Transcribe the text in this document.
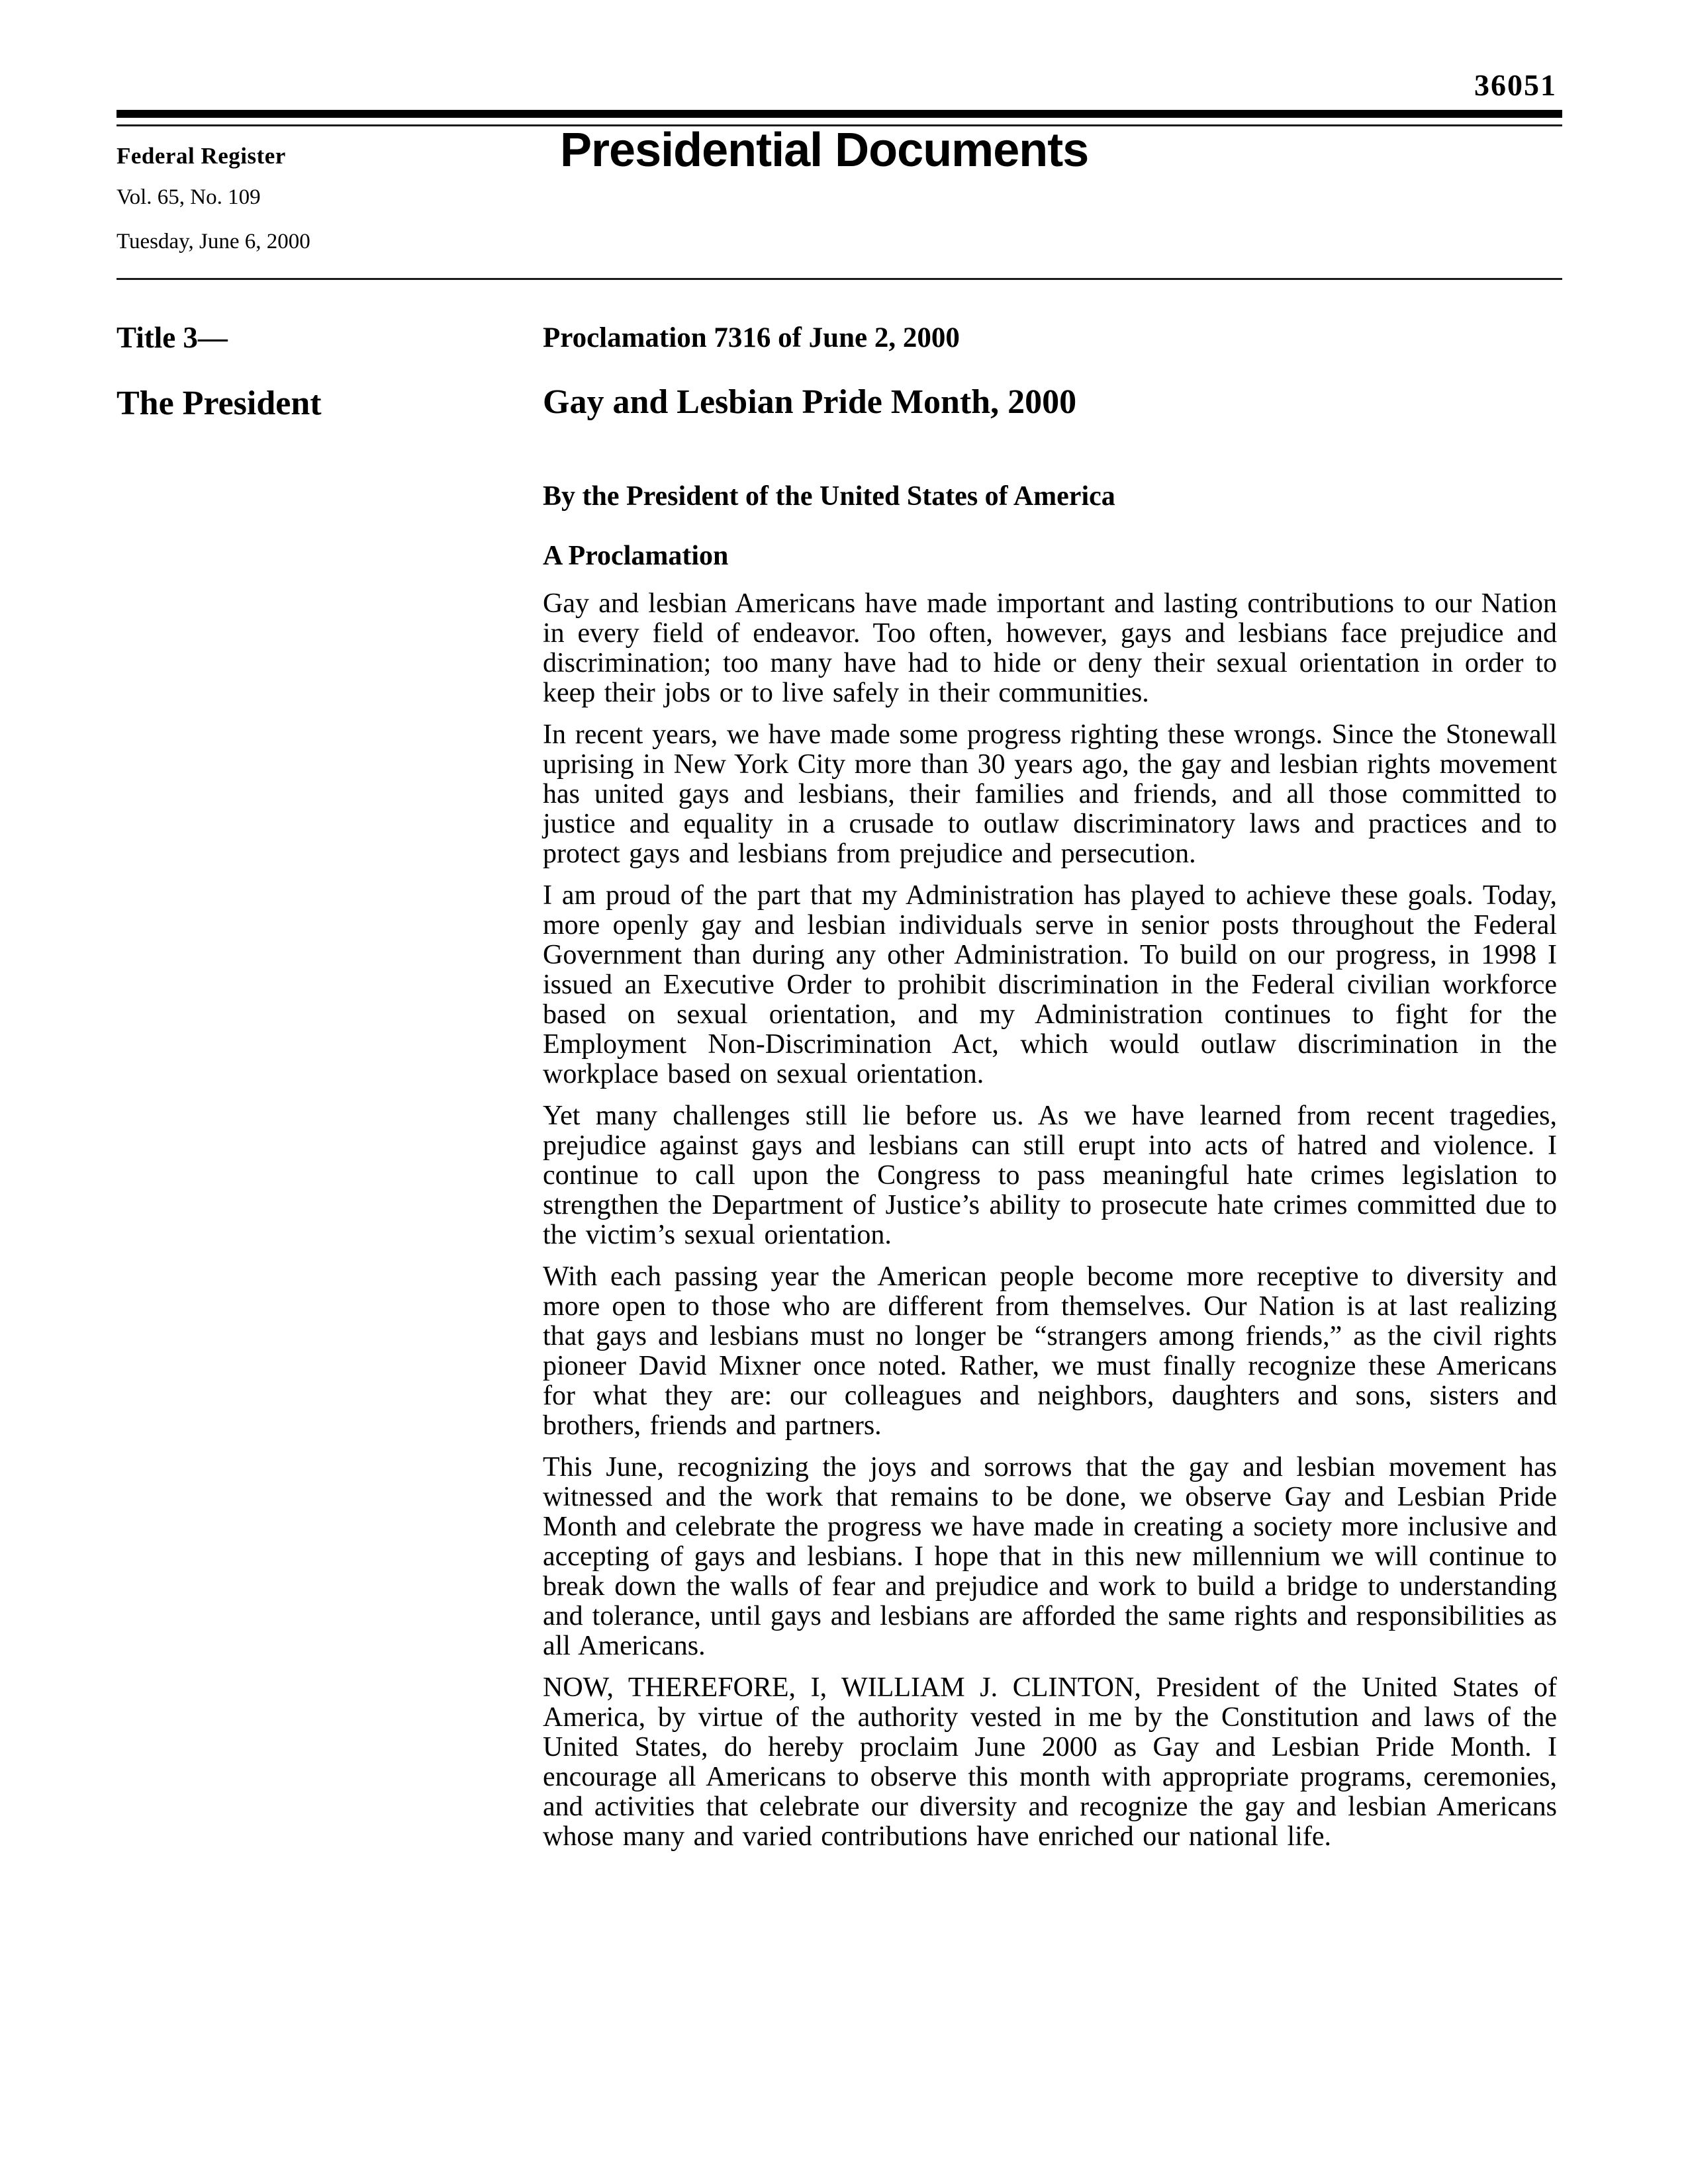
36051
Federal Register
Vol. 65, No. 109
Tuesday, June 6, 2000
Presidential Documents
Title 3—	Proclamation 7316 of June 2, 2000
The President	Gay and Lesbian Pride Month, 2000
By the President of the United States of America
A Proclamation

Gay and lesbian Americans have made important and lasting contributions to our Nation in every field of endeavor. Too often, however, gays and lesbians face prejudice and discrimination; too many have had to hide or deny their sexual orientation in order to keep their jobs or to live safely in their communities.

In recent years, we have made some progress righting these wrongs. Since the Stonewall uprising in New York City more than 30 years ago, the gay and lesbian rights movement has united gays and lesbians, their families and friends, and all those committed to justice and equality in a crusade to outlaw discriminatory laws and practices and to protect gays and lesbians from prejudice and persecution.

I am proud of the part that my Administration has played to achieve these goals. Today, more openly gay and lesbian individuals serve in senior posts throughout the Federal Government than during any other Administration. To build on our progress, in 1998 I issued an Executive Order to prohibit discrimination in the Federal civilian workforce based on sexual orientation, and my Administration continues to fight for the Employment Non-Discrimination Act, which would outlaw discrimination in the workplace based on sexual orientation.

Yet many challenges still lie before us. As we have learned from recent tragedies, prejudice against gays and lesbians can still erupt into acts of hatred and violence. I continue to call upon the Congress to pass meaningful hate crimes legislation to strengthen the Department of Justice’s ability to prosecute hate crimes committed due to the victim’s sexual orientation.

With each passing year the American people become more receptive to diversity and more open to those who are different from themselves. Our Nation is at last realizing that gays and lesbians must no longer be “strangers among friends,” as the civil rights pioneer David Mixner once noted. Rather, we must finally recognize these Americans for what they are: our colleagues and neighbors, daughters and sons, sisters and brothers, friends and partners.

This June, recognizing the joys and sorrows that the gay and lesbian movement has witnessed and the work that remains to be done, we observe Gay and Lesbian Pride Month and celebrate the progress we have made in creating a society more inclusive and accepting of gays and lesbians. I hope that in this new millennium we will continue to break down the walls of fear and prejudice and work to build a bridge to understanding and tolerance, until gays and lesbians are afforded the same rights and responsibilities as all Americans.

NOW, THEREFORE, I, WILLIAM J. CLINTON, President of the United States of America, by virtue of the authority vested in me by the Constitution and laws of the United States, do hereby proclaim June 2000 as Gay and Lesbian Pride Month. I encourage all Americans to observe this month with appropriate programs, ceremonies, and activities that celebrate our diversity and recognize the gay and lesbian Americans whose many and varied contributions have enriched our national life.
